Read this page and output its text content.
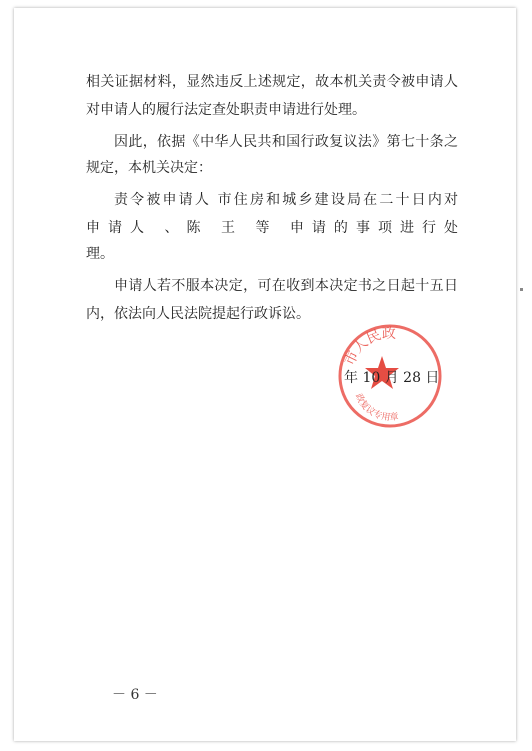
相关证据材料，显然违反上述规定，故本机关责令被申请人
对申请人的履行法定查处职责申请进行处理。
因此，依据《中华人民共和国行政复议法》第七十条之
规定，本机关决定：
责令被申请人 市住房和城乡建设局在二十日内对
申请人 、陈 王 等 申请的事项进行处
理。
申请人若不服本决定，可在收到本决定书之日起十五日
内，依法向人民法院提起行政诉讼。
市人民政
政复议专用章
年 10 月 28 日
－ 6 －
